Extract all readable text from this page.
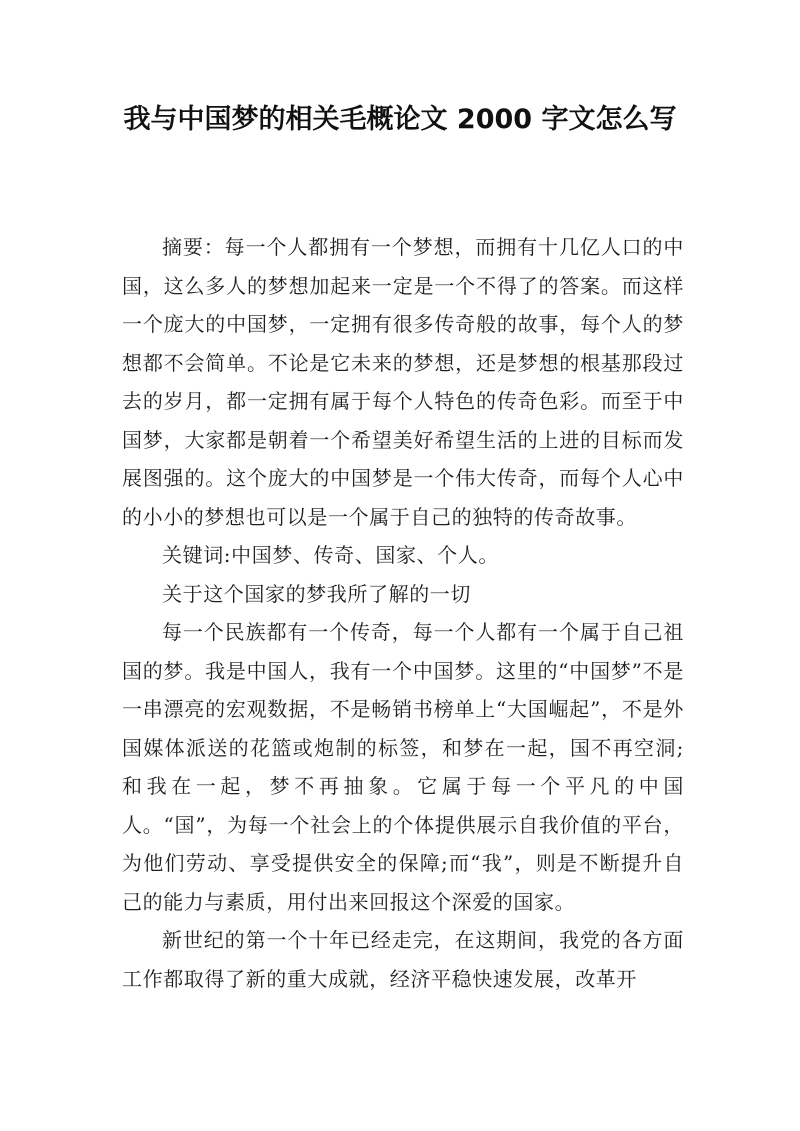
我与中国梦的相关毛概论文 2000 字文怎么写

摘要：每一个人都拥有一个梦想，而拥有十几亿人口的中国，这么多人的梦想加起来一定是一个不得了的答案。而这样一个庞大的中国梦，一定拥有很多传奇般的故事，每个人的梦想都不会简单。不论是它未来的梦想，还是梦想的根基那段过去的岁月，都一定拥有属于每个人特色的传奇色彩。而至于中国梦，大家都是朝着一个希望美好希望生活的上进的目标而发展图强的。这个庞大的中国梦是一个伟大传奇，而每个人心中的小小的梦想也可以是一个属于自己的独特的传奇故事。

关键词:中国梦、传奇、国家、个人。

关于这个国家的梦我所了解的一切

每一个民族都有一个传奇，每一个人都有一个属于自己祖国的梦。我是中国人，我有一个中国梦。这里的“中国梦”不是一串漂亮的宏观数据，不是畅销书榜单上“大国崛起”，不是外国媒体派送的花篮或炮制的标签，和梦在一起，国不再空洞;和我在一起，梦不再抽象。它属于每一个平凡的中国人。“国”，为每一个社会上的个体提供展示自我价值的平台，为他们劳动、享受提供安全的保障;而“我”，则是不断提升自己的能力与素质，用付出来回报这个深爱的国家。

新世纪的第一个十年已经走完，在这期间，我党的各方面工作都取得了新的重大成就，经济平稳快速发展，改革开
